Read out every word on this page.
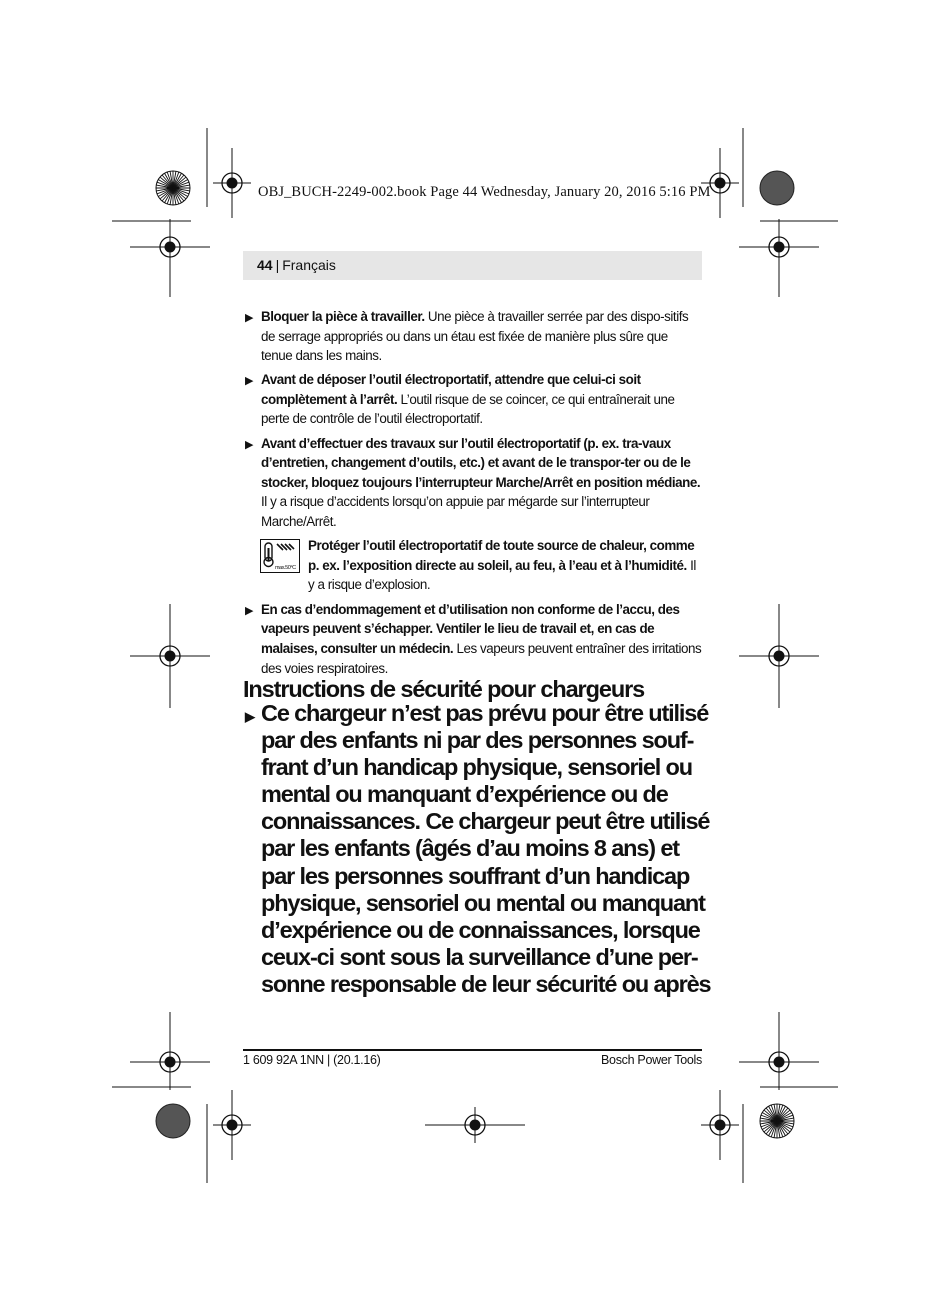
OBJ_BUCH-2249-002.book Page 44 Wednesday, January 20, 2016 5:16 PM
44 | Français
▶ Bloquer la pièce à travailler. Une pièce à travailler serrée par des dispo-sitifs de serrage appropriés ou dans un étau est fixée de manière plus sûre que tenue dans les mains.

▶ Avant de déposer l’outil électroportatif, attendre que celui-ci soit complètement à l’arrêt. L’outil risque de se coincer, ce qui entraînerait une perte de contrôle de l’outil électroportatif.

▶ Avant d’effectuer des travaux sur l’outil électroportatif (p. ex. tra-vaux d’entretien, changement d’outils, etc.) et avant de le transpor-ter ou de le stocker, bloquez toujours l’interrupteur Marche/Arrêt en position médiane. Il y a risque d’accidents lorsqu’on appuie par mégarde sur l’interrupteur Marche/Arrêt.

max.50°C

Protéger l’outil électroportatif de toute source de chaleur, comme p. ex. l’exposition directe au soleil, au feu, à l’eau et à l’humidité. Il y a risque d’explosion.

▶ En cas d’endommagement et d’utilisation non conforme de l’accu, des vapeurs peuvent s’échapper. Ventiler le lieu de travail et, en cas de malaises, consulter un médecin. Les vapeurs peuvent entraîner des irritations des voies respiratoires.

Instructions de sécurité pour chargeurs
▶ Ce chargeur n’est pas prévu pour être utilisé
par des enfants ni par des personnes souf-
frant d’un handicap physique, sensoriel ou
mental ou manquant d’expérience ou de
connaissances. Ce chargeur peut être utilisé
par les enfants (âgés d’au moins 8 ans) et
par les personnes souffrant d’un handicap
physique, sensoriel ou mental ou manquant
d’expérience ou de connaissances, lorsque
ceux-ci sont sous la surveillance d’une per-
sonne responsable de leur sécurité ou après
1 609 92A 1NN | (20.1.16)	Bosch Power Tools
